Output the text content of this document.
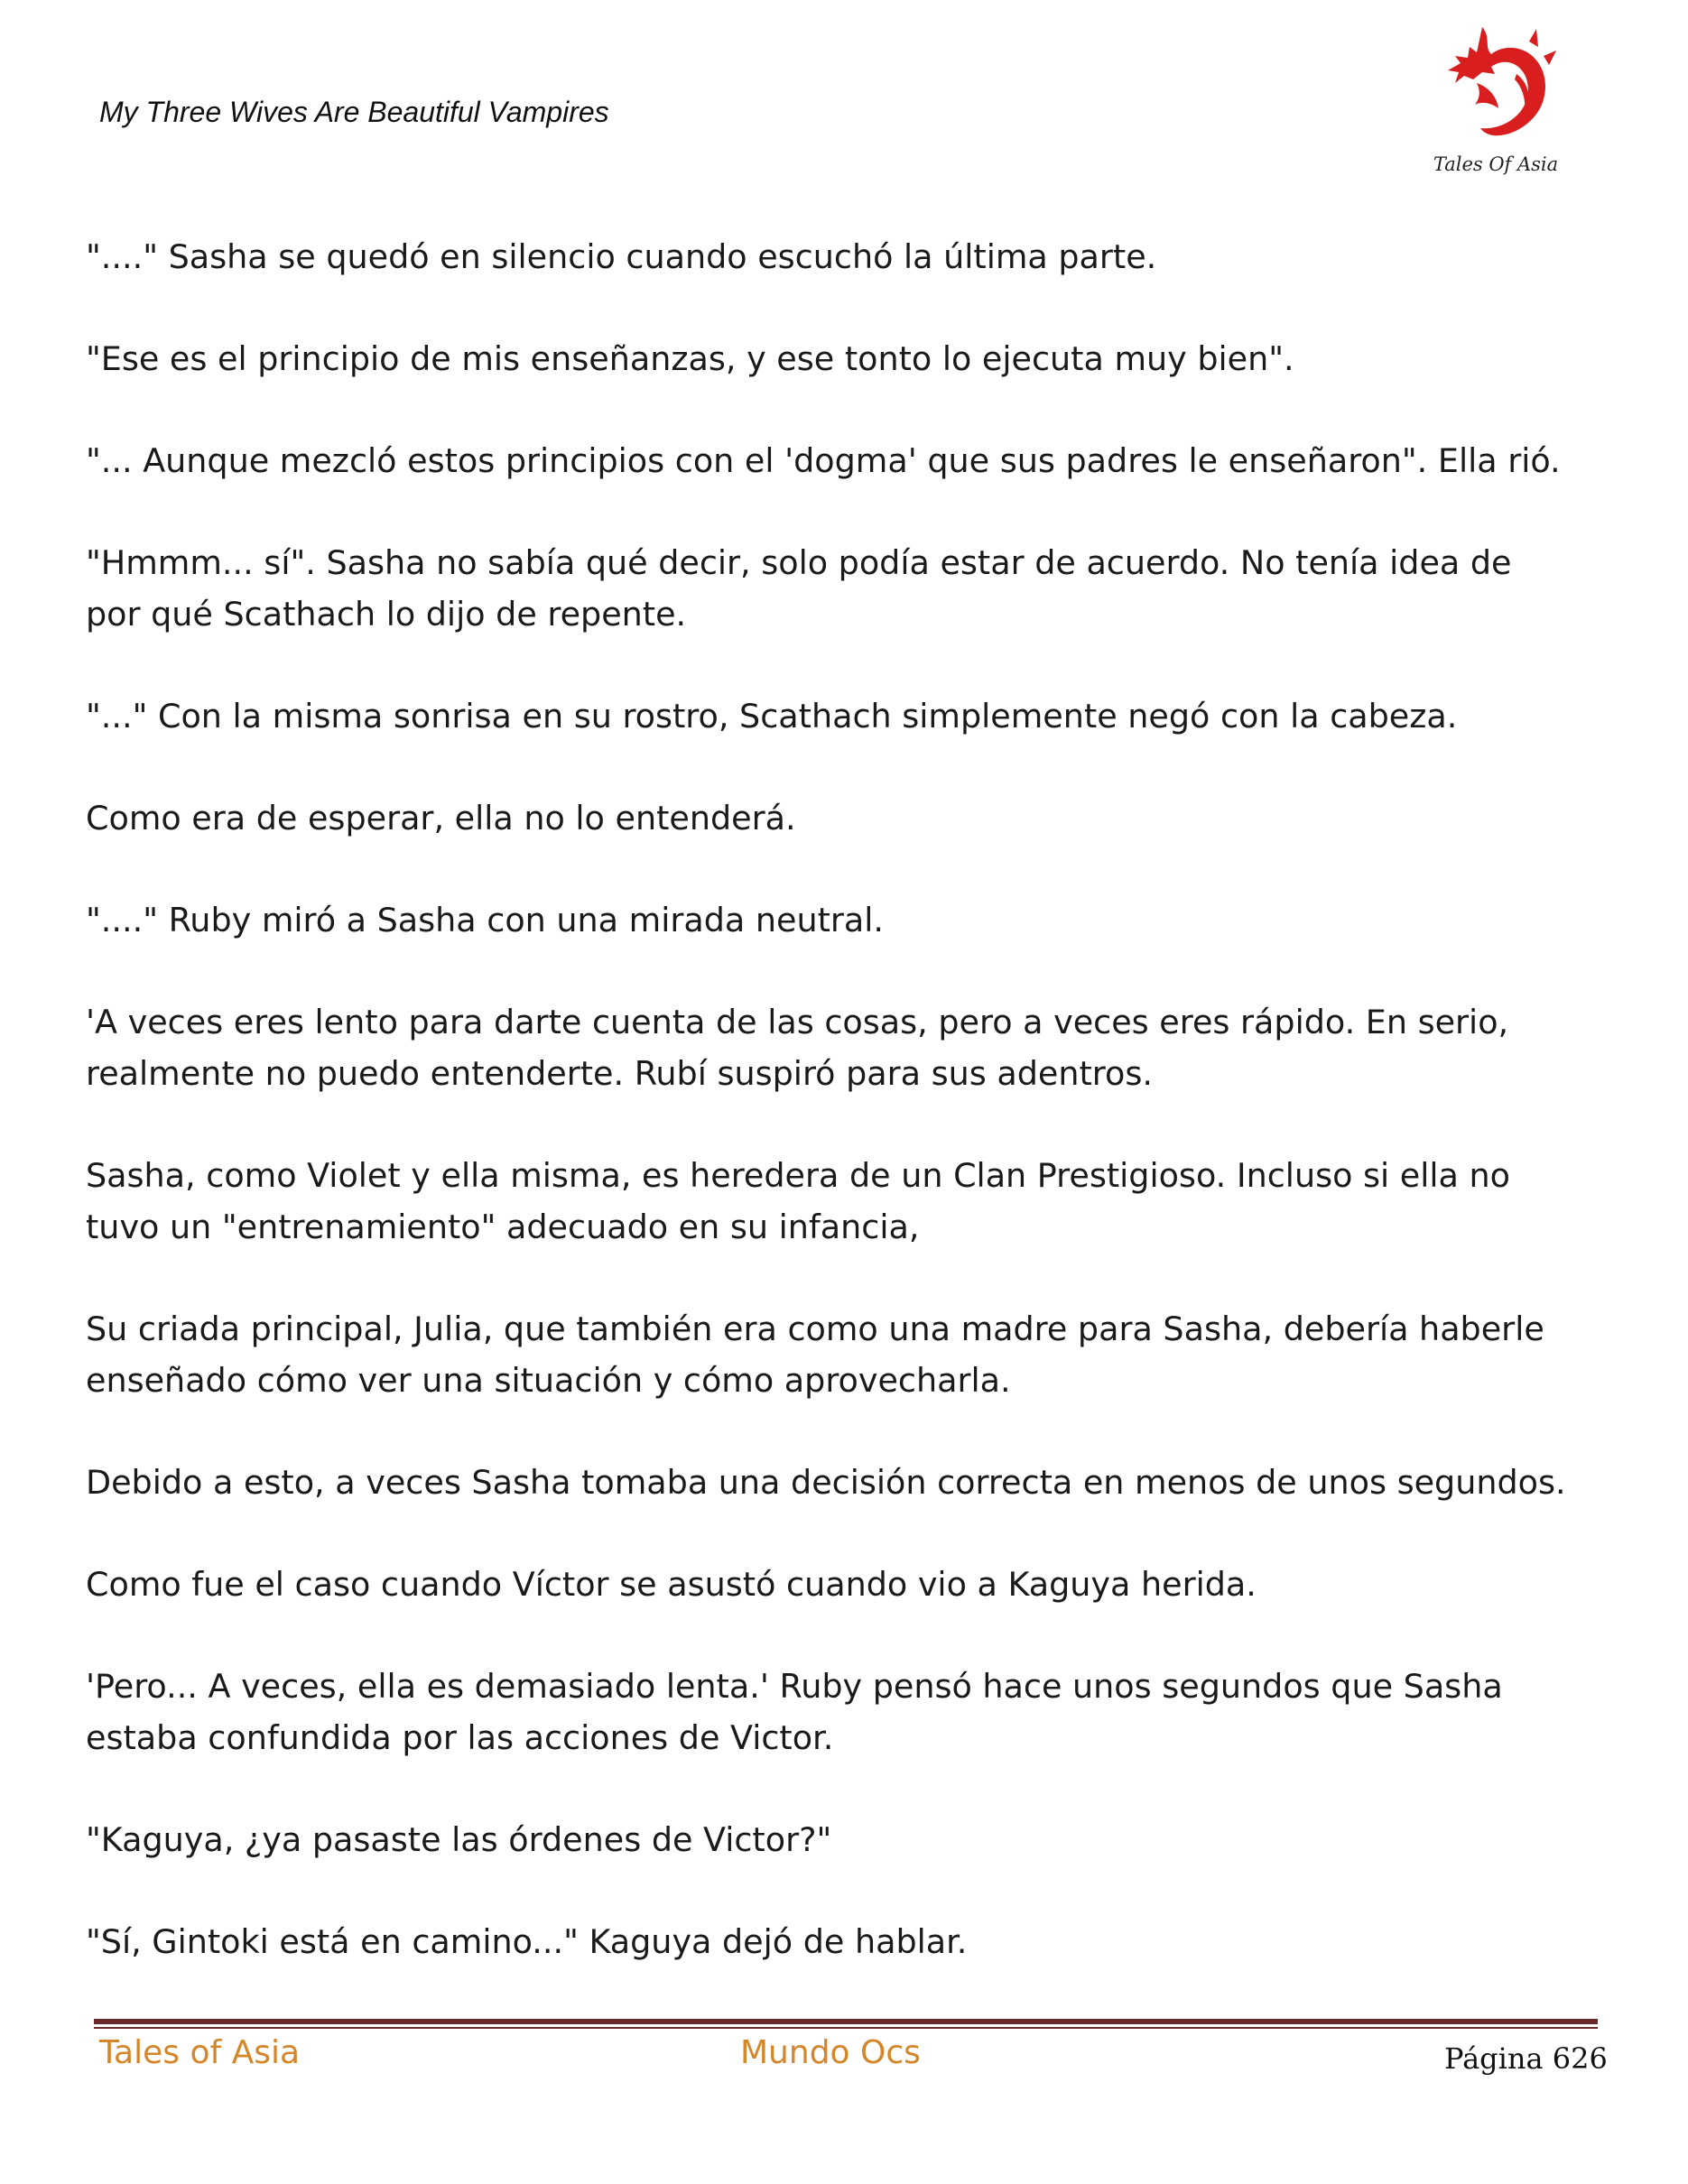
My Three Wives Are Beautiful Vampires
Tales Of Asia
"...." Sasha se quedó en silencio cuando escuchó la última parte.
"Ese es el principio de mis enseñanzas, y ese tonto lo ejecuta muy bien".
"... Aunque mezcló estos principios con el 'dogma' que sus padres le enseñaron". Ella rió.
"Hmmm... sí". Sasha no sabía qué decir, solo podía estar de acuerdo. No tenía idea de
por qué Scathach lo dijo de repente.
"..." Con la misma sonrisa en su rostro, Scathach simplemente negó con la cabeza.
Como era de esperar, ella no lo entenderá.
"...." Ruby miró a Sasha con una mirada neutral.
'A veces eres lento para darte cuenta de las cosas, pero a veces eres rápido. En serio,
realmente no puedo entenderte. Rubí suspiró para sus adentros.
Sasha, como Violet y ella misma, es heredera de un Clan Prestigioso. Incluso si ella no
tuvo un "entrenamiento" adecuado en su infancia,
Su criada principal, Julia, que también era como una madre para Sasha, debería haberle
enseñado cómo ver una situación y cómo aprovecharla.
Debido a esto, a veces Sasha tomaba una decisión correcta en menos de unos segundos.
Como fue el caso cuando Víctor se asustó cuando vio a Kaguya herida.
'Pero... A veces, ella es demasiado lenta.' Ruby pensó hace unos segundos que Sasha
estaba confundida por las acciones de Victor.
"Kaguya, ¿ya pasaste las órdenes de Victor?"
"Sí, Gintoki está en camino..." Kaguya dejó de hablar.
Tales of Asia	Mundo Ocs	Página 626
